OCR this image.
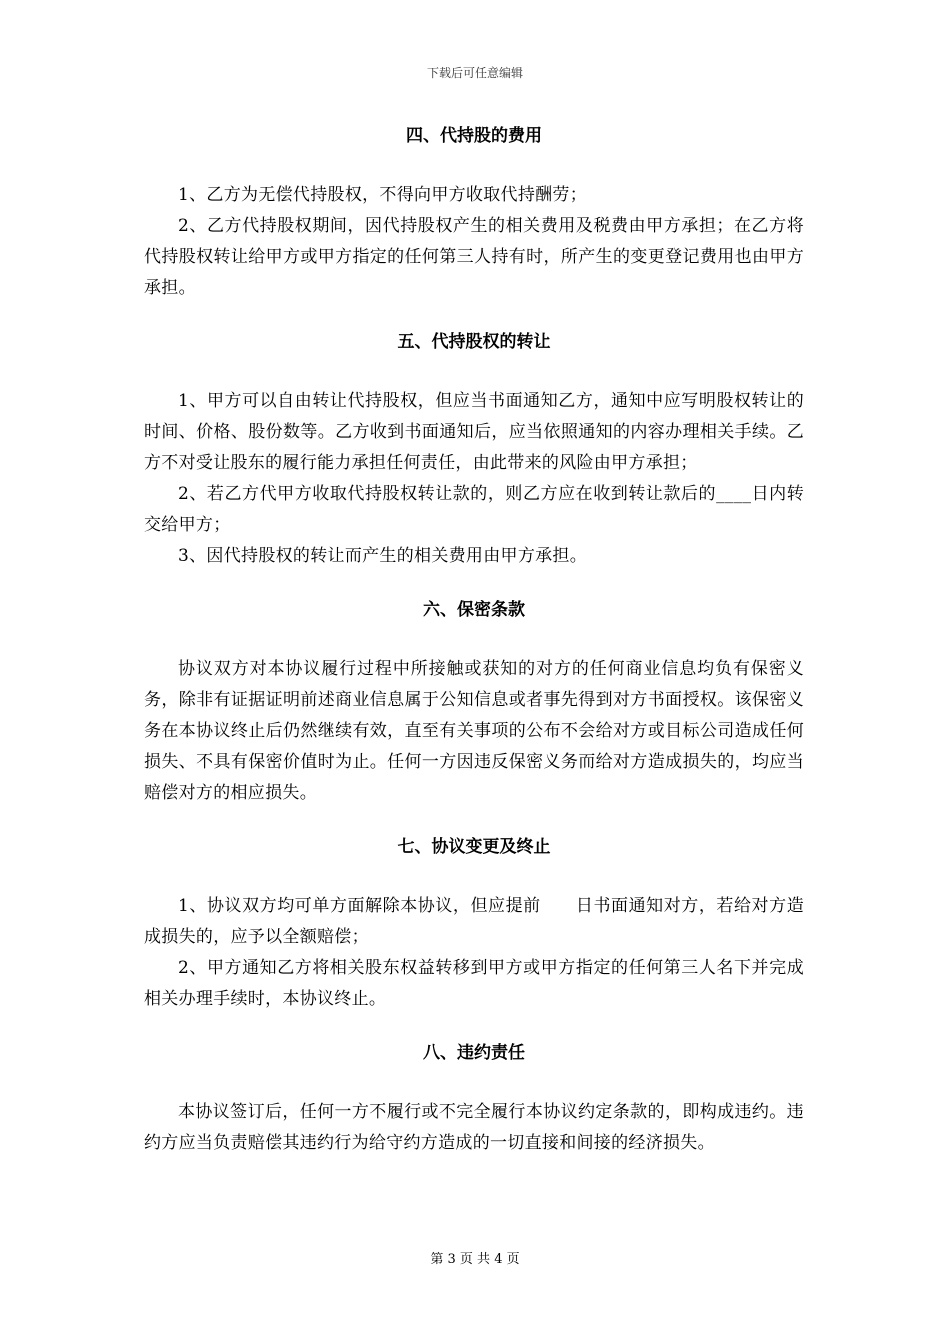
下载后可任意编辑
四、代持股的费用

1、乙方为无偿代持股权，不得向甲方收取代持酬劳；

2、乙方代持股权期间，因代持股权产生的相关费用及税费由甲方承担；在乙方将代持股权转让给甲方或甲方指定的任何第三人持有时，所产生的变更登记费用也由甲方承担。

五、代持股权的转让

1、甲方可以自由转让代持股权，但应当书面通知乙方，通知中应写明股权转让的时间、价格、股份数等。乙方收到书面通知后，应当依照通知的内容办理相关手续。乙方不对受让股东的履行能力承担任何责任，由此带来的风险由甲方承担；

2、若乙方代甲方收取代持股权转让款的，则乙方应在收到转让款后的____日内转交给甲方；

3、因代持股权的转让而产生的相关费用由甲方承担。

六、保密条款

协议双方对本协议履行过程中所接触或获知的对方的任何商业信息均负有保密义务，除非有证据证明前述商业信息属于公知信息或者事先得到对方书面授权。该保密义务在本协议终止后仍然继续有效，直至有关事项的公布不会给对方或目标公司造成任何损失、不具有保密价值时为止。任何一方因违反保密义务而给对方造成损失的，均应当赔偿对方的相应损失。

七、协议变更及终止

1、协议双方均可单方面解除本协议，但应提前　　日书面通知对方，若给对方造成损失的，应予以全额赔偿；

2、甲方通知乙方将相关股东权益转移到甲方或甲方指定的任何第三人名下并完成相关办理手续时，本协议终止。

八、违约责任

本协议签订后，任何一方不履行或不完全履行本协议约定条款的，即构成违约。违约方应当负责赔偿其违约行为给守约方造成的一切直接和间接的经济损失。

第 3 页 共 4 页
